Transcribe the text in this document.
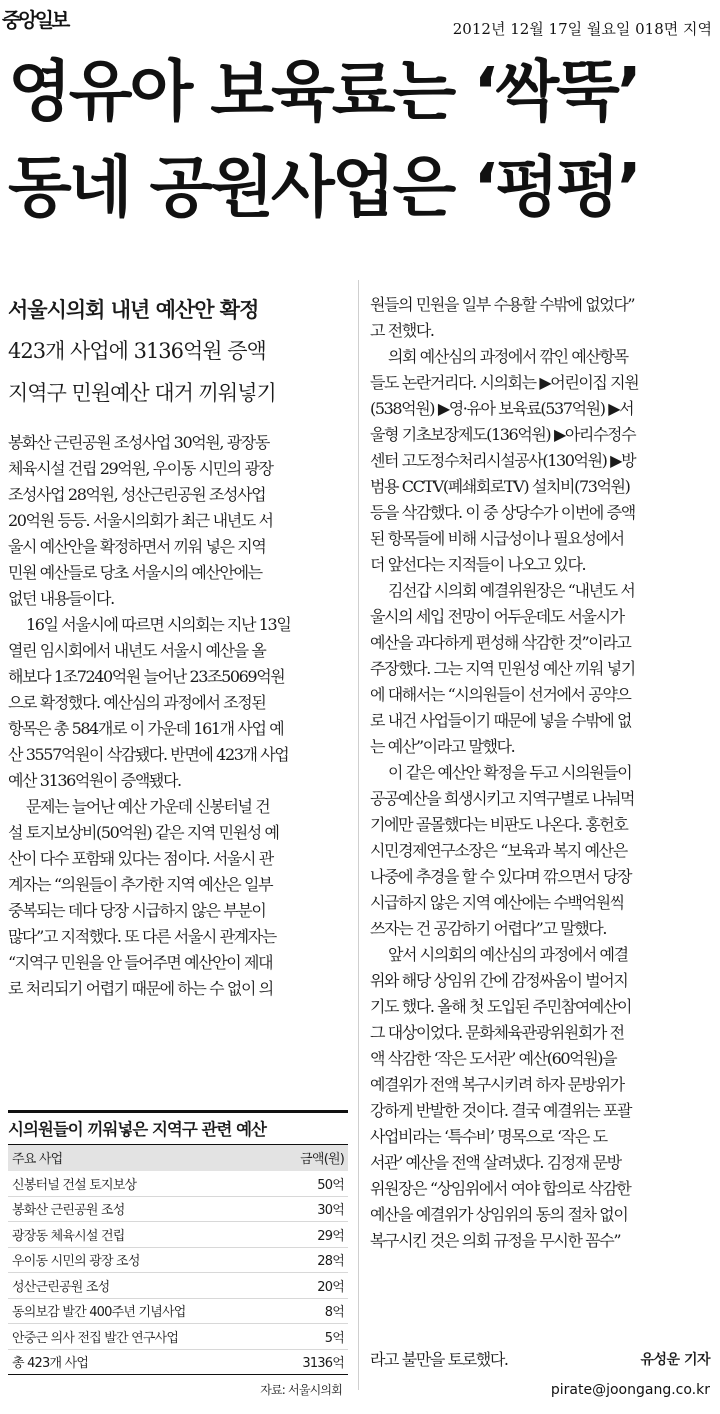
중앙일보	2012년 12월 17일 월요일 018면 지역
영유아 보육료는 ‘싹뚝’
동네 공원사업은 ‘펑펑’
서울시의회 내년 예산안 확정
423개 사업에 3136억원 증액
지역구 민원예산 대거 끼워넣기
봉화산 근린공원 조성사업 30억원, 광장동
체육시설 건립 29억원, 우이동 시민의 광장
조성사업 28억원, 성산근린공원 조성사업
20억원 등등. 서울시의회가 최근 내년도 서
울시 예산안을 확정하면서 끼워 넣은 지역
민원 예산들로 당초 서울시의 예산안에는
없던 내용들이다.
16일 서울시에 따르면 시의회는 지난 13일
열린 임시회에서 내년도 서울시 예산을 올
해보다 1조7240억원 늘어난 23조5069억원
으로 확정했다. 예산심의 과정에서 조정된
항목은 총 584개로 이 가운데 161개 사업 예
산 3557억원이 삭감됐다. 반면에 423개 사업
예산 3136억원이 증액됐다.
문제는 늘어난 예산 가운데 신봉터널 건
설 토지보상비(50억원) 같은 지역 민원성 예
산이 다수 포함돼 있다는 점이다. 서울시 관
계자는 “의원들이 추가한 지역 예산은 일부
중복되는 데다 당장 시급하지 않은 부분이
많다”고 지적했다. 또 다른 서울시 관계자는
“지역구 민원을 안 들어주면 예산안이 제대
로 처리되기 어렵기 때문에 하는 수 없이 의
시의원들이 끼워넣은 지역구 관련 예산
주요 사업	금액(원)
신봉터널 건설 토지보상	50억
봉화산 근린공원 조성	30억
광장동 체육시설 건립	29억
우이동 시민의 광장 조성	28억
성산근린공원 조성	20억
동의보감 발간 400주년 기념사업	8억
안중근 의사 전집 발간 연구사업	5억
총 423개 사업	3136억
자료: 서울시의회
원들의 민원을 일부 수용할 수밖에 없었다”
고 전했다.
의회 예산심의 과정에서 깎인 예산항목
들도 논란거리다. 시의회는 ▶어린이집 지원
(538억원) ▶영·유아 보육료(537억원) ▶서
울형 기초보장제도(136억원) ▶아리수정수
센터 고도정수처리시설공사(130억원) ▶방
범용 CCTV(폐쇄회로TV) 설치비(73억원)
등을 삭감했다. 이 중 상당수가 이번에 증액
된 항목들에 비해 시급성이나 필요성에서
더 앞선다는 지적들이 나오고 있다.
김선갑 시의회 예결위원장은 “내년도 서
울시의 세입 전망이 어두운데도 서울시가
예산을 과다하게 편성해 삭감한 것”이라고
주장했다. 그는 지역 민원성 예산 끼워 넣기
에 대해서는 “시의원들이 선거에서 공약으
로 내건 사업들이기 때문에 넣을 수밖에 없
는 예산”이라고 말했다.
이 같은 예산안 확정을 두고 시의원들이
공공예산을 희생시키고 지역구별로 나눠먹
기에만 골몰했다는 비판도 나온다. 홍헌호
시민경제연구소장은 “보육과 복지 예산은
나중에 추경을 할 수 있다며 깎으면서 당장
시급하지 않은 지역 예산에는 수백억원씩
쓰자는 건 공감하기 어렵다”고 말했다.
앞서 시의회의 예산심의 과정에서 예결
위와 해당 상임위 간에 감정싸움이 벌어지
기도 했다. 올해 첫 도입된 주민참여예산이
그 대상이었다. 문화체육관광위원회가 전
액 삭감한 ‘작은 도서관’ 예산(60억원)을
예결위가 전액 복구시키려 하자 문방위가
강하게 반발한 것이다. 결국 예결위는 포괄
사업비라는 ‘특수비’ 명목으로 ‘작은 도
서관’ 예산을 전액 살려냈다. 김정재 문방
위원장은 “상임위에서 여야 합의로 삭감한
예산을 예결위가 상임위의 동의 절차 없이
복구시킨 것은 의회 규정을 무시한 꼼수”
라고 불만을 토로했다.	유성운 기자
pirate@joongang.co.kr
